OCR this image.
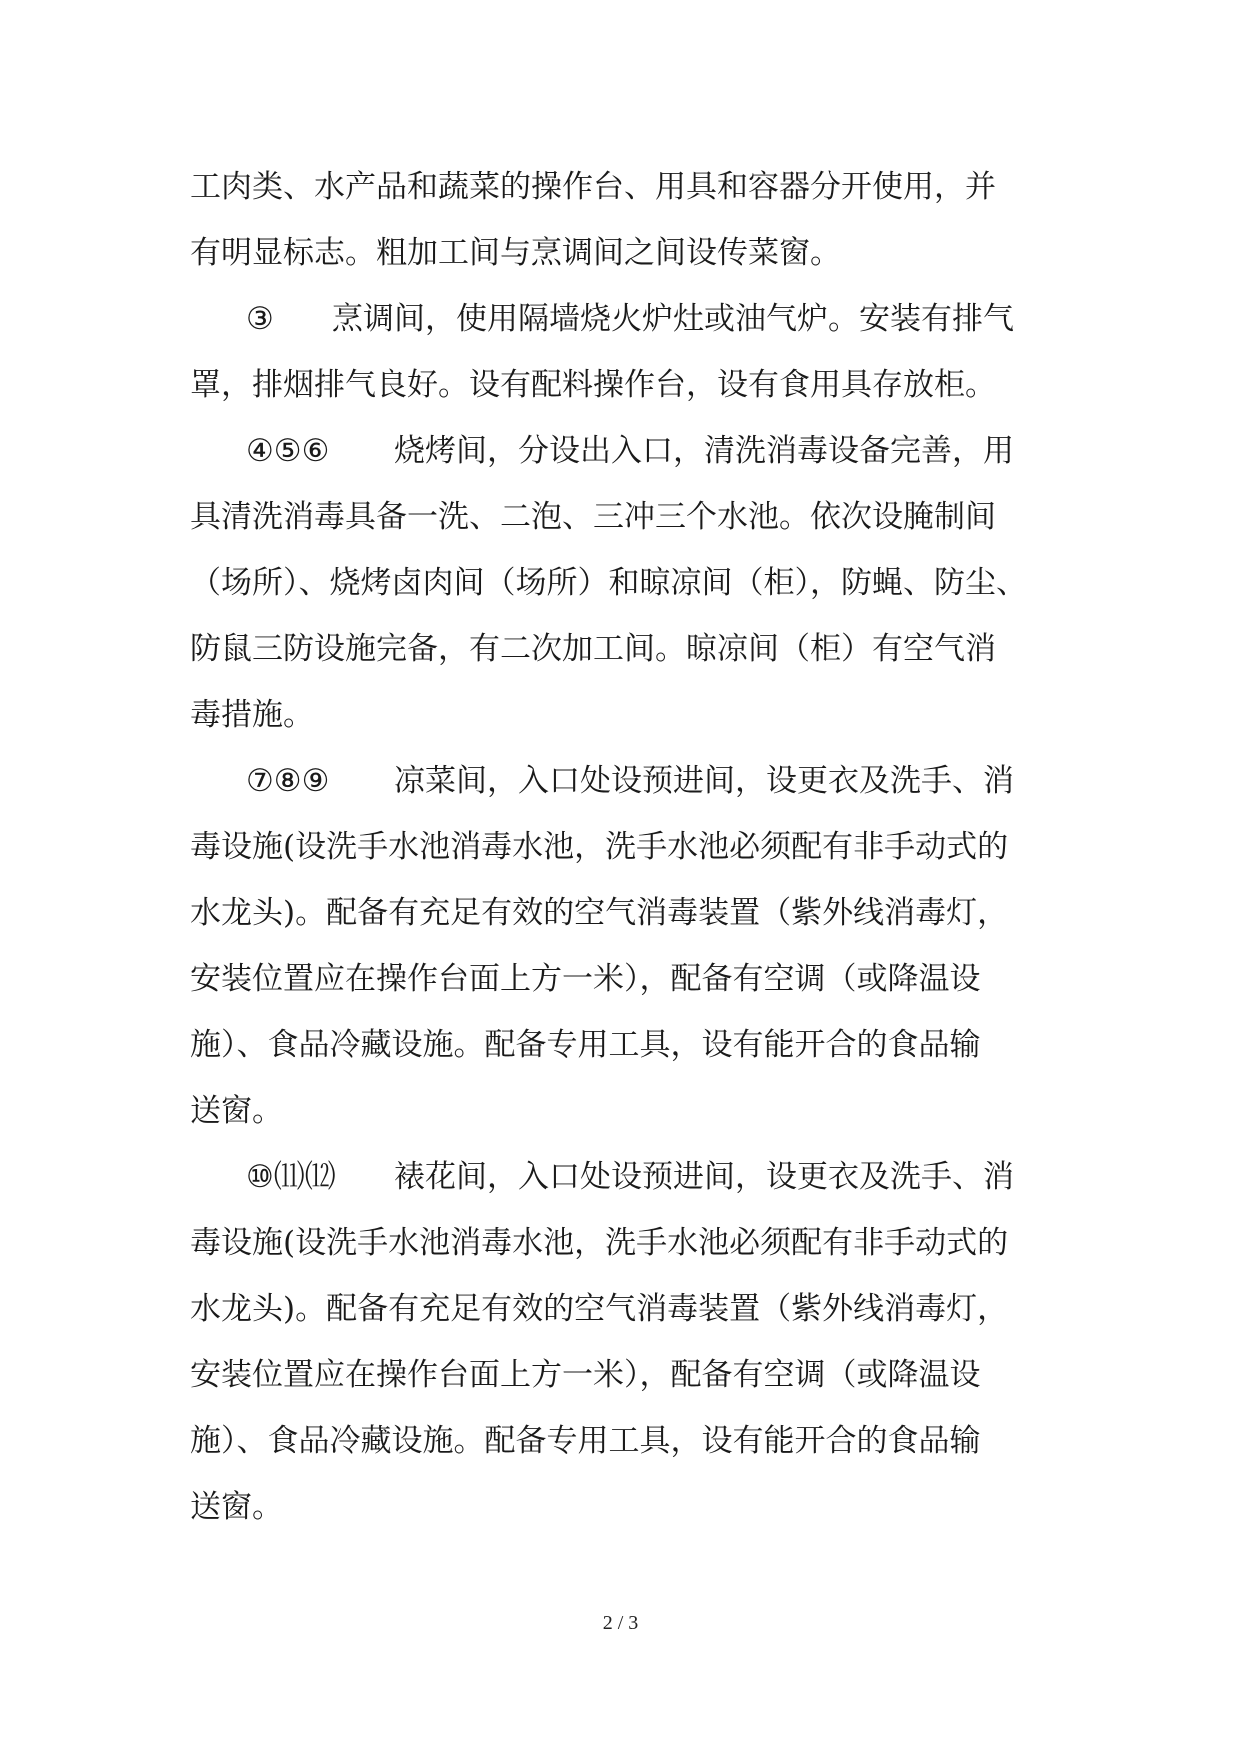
工肉类、水产品和蔬菜的操作台、用具和容器分开使用，并
有明显标志。粗加工间与烹调间之间设传菜窗。
③ 烹调间，使用隔墙烧火炉灶或油气炉。安装有排气
罩，排烟排气良好。设有配料操作台，设有食用具存放柜。
④⑤⑥ 烧烤间，分设出入口，清洗消毒设备完善，用
具清洗消毒具备一洗、二泡、三冲三个水池。依次设腌制间
（场所）、烧烤卤肉间（场所）和晾凉间（柜），防蝇、防尘、
防鼠三防设施完备，有二次加工间。晾凉间（柜）有空气消
毒措施。
⑦⑧⑨ 凉菜间，入口处设预进间，设更衣及洗手、消
毒设施(设洗手水池消毒水池，洗手水池必须配有非手动式的
水龙头)。配备有充足有效的空气消毒装置（紫外线消毒灯，
安装位置应在操作台面上方一米），配备有空调（或降温设
施）、食品冷藏设施。配备专用工具，设有能开合的食品输
送窗。
⑩⑾⑿ 裱花间，入口处设预进间，设更衣及洗手、消
毒设施(设洗手水池消毒水池，洗手水池必须配有非手动式的
水龙头)。配备有充足有效的空气消毒装置（紫外线消毒灯，
安装位置应在操作台面上方一米），配备有空调（或降温设
施）、食品冷藏设施。配备专用工具，设有能开合的食品输
送窗。
2 / 3
